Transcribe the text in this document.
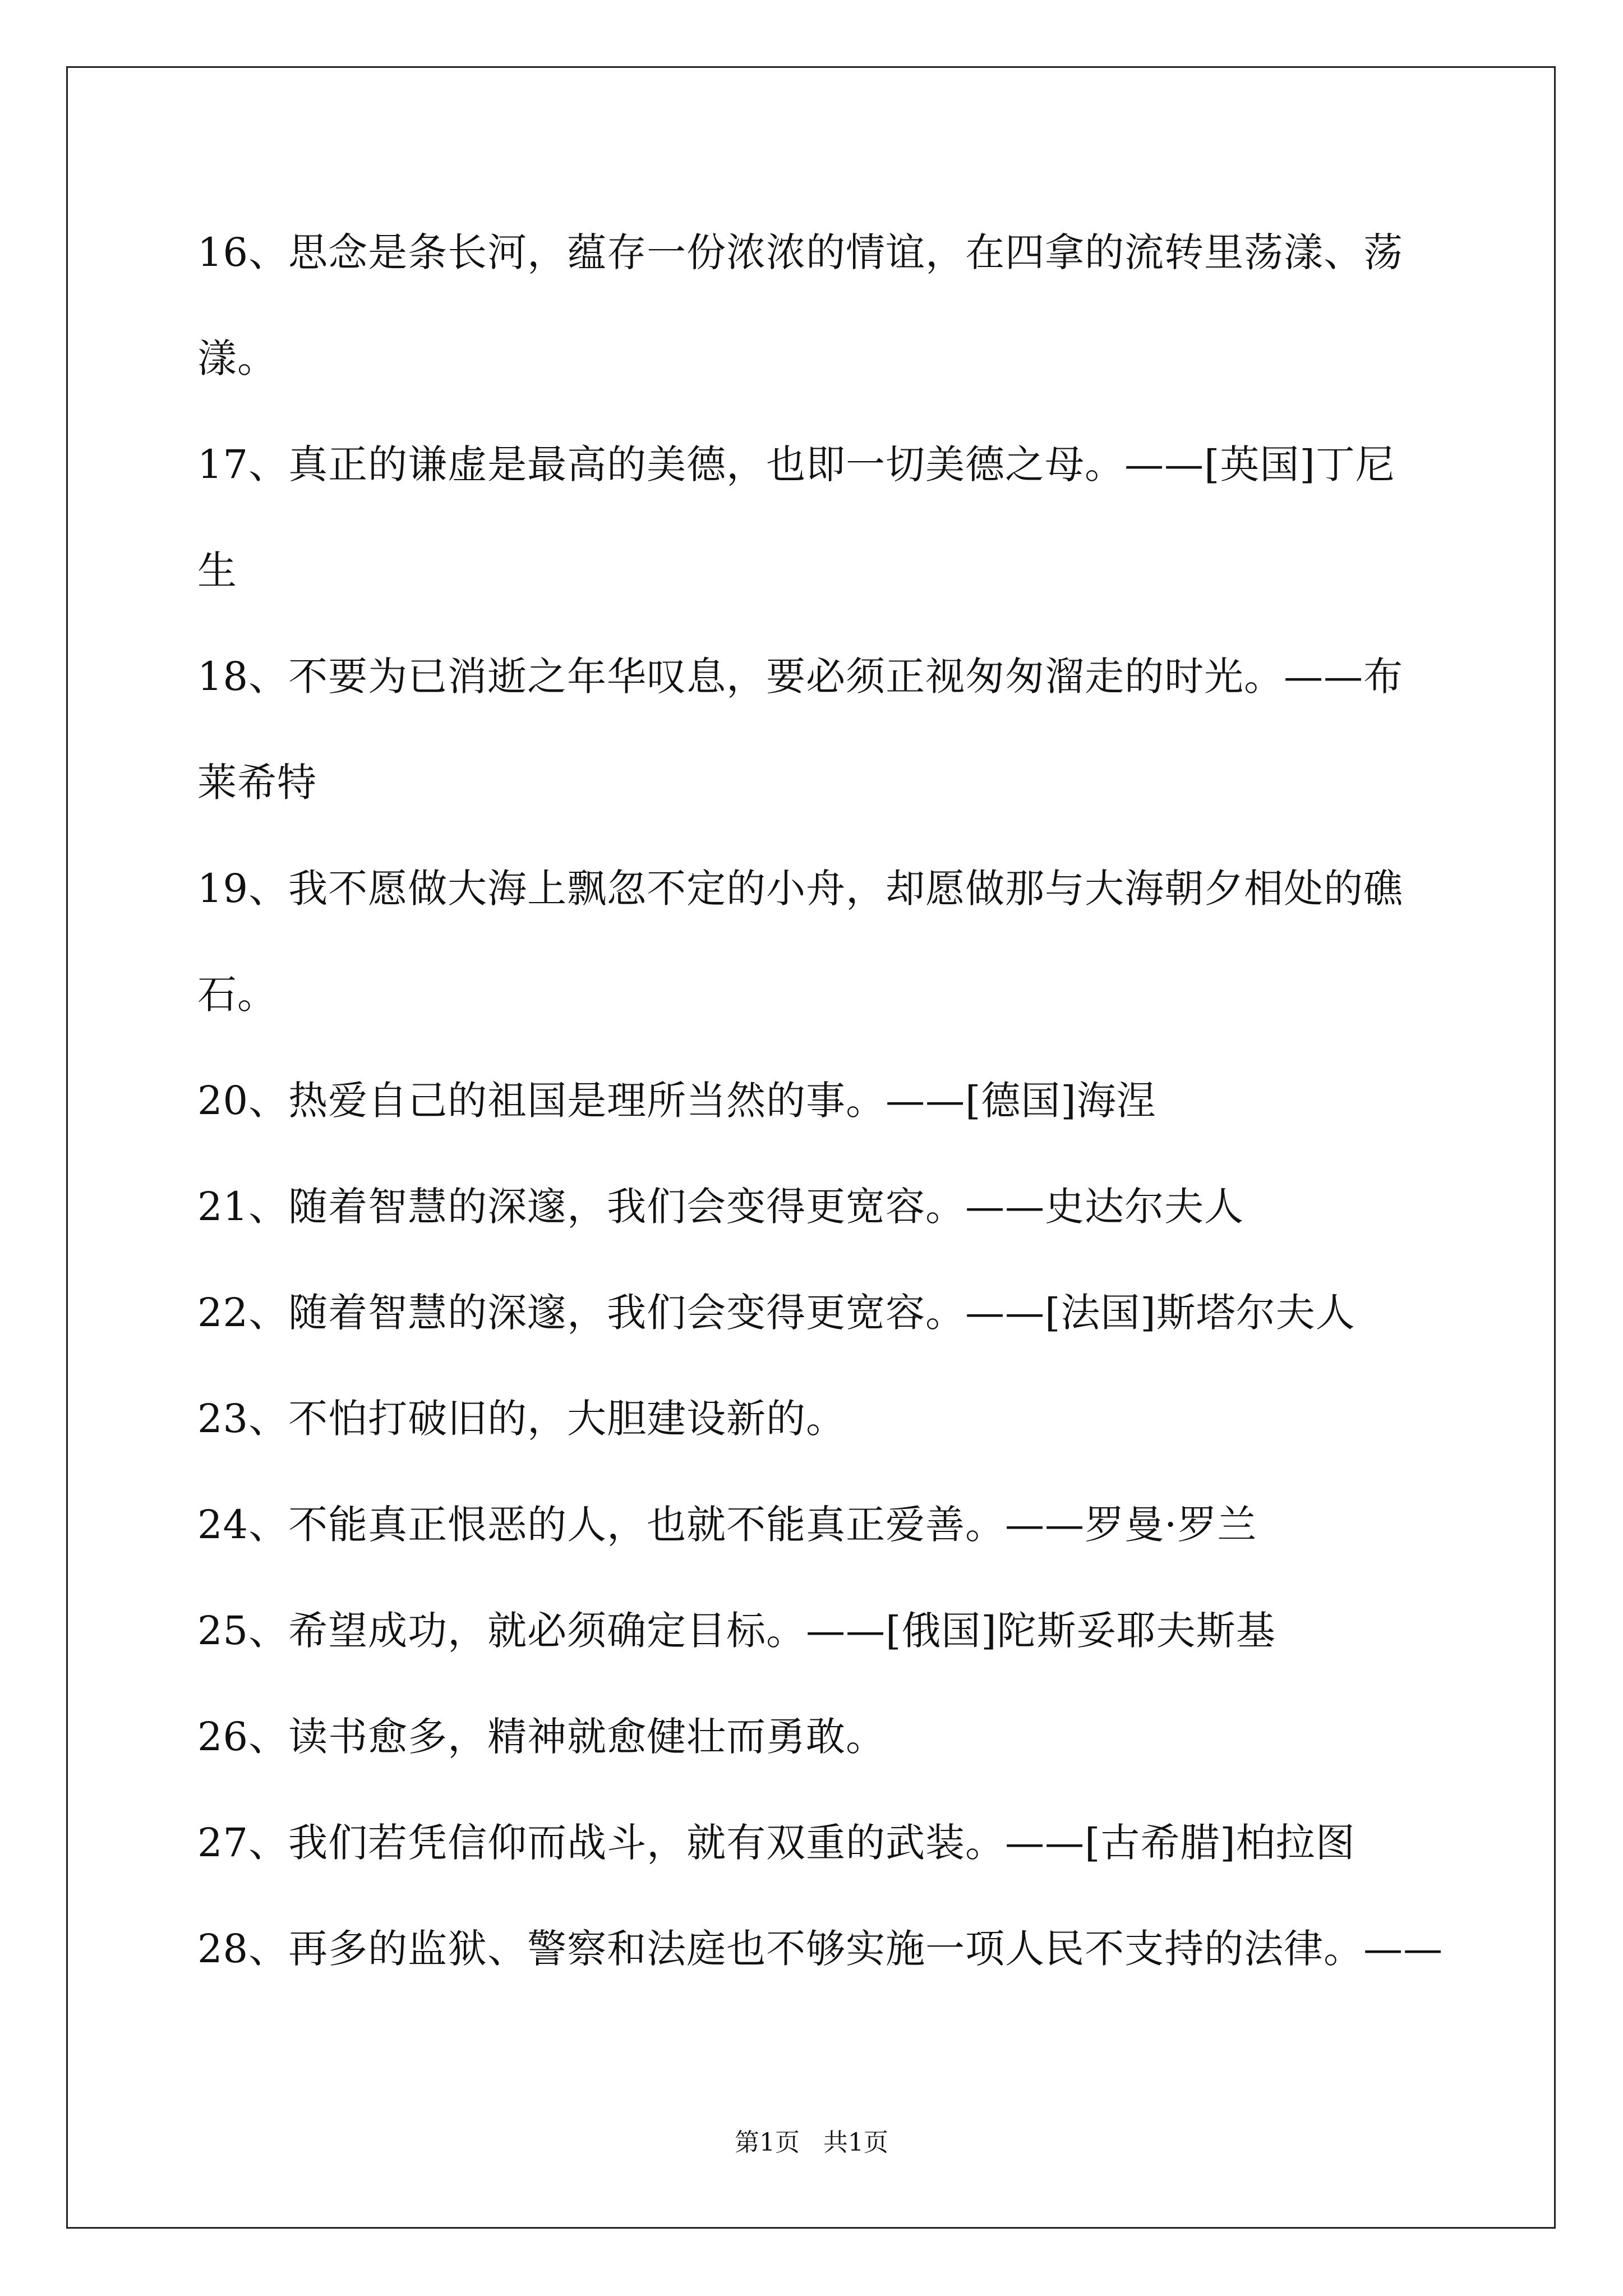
16、思念是条长河，蕴存一份浓浓的情谊，在四拿的流转里荡漾、荡
漾。
17、真正的谦虚是最高的美德，也即一切美德之母。——[英国]丁尼
生
18、不要为已消逝之年华叹息，要必须正视匆匆溜走的时光。——布
莱希特
19、我不愿做大海上飘忽不定的小舟，却愿做那与大海朝夕相处的礁
石。
20、热爱自己的祖国是理所当然的事。——[德国]海涅
21、随着智慧的深邃，我们会变得更宽容。——史达尔夫人
22、随着智慧的深邃，我们会变得更宽容。——[法国]斯塔尔夫人
23、不怕打破旧的，大胆建设新的。
24、不能真正恨恶的人，也就不能真正爱善。——罗曼·罗兰
25、希望成功，就必须确定目标。——[俄国]陀斯妥耶夫斯基
26、读书愈多，精神就愈健壮而勇敢。
27、我们若凭信仰而战斗，就有双重的武装。——[古希腊]柏拉图
28、再多的监狱、警察和法庭也不够实施一项人民不支持的法律。——
第1页   共1页
